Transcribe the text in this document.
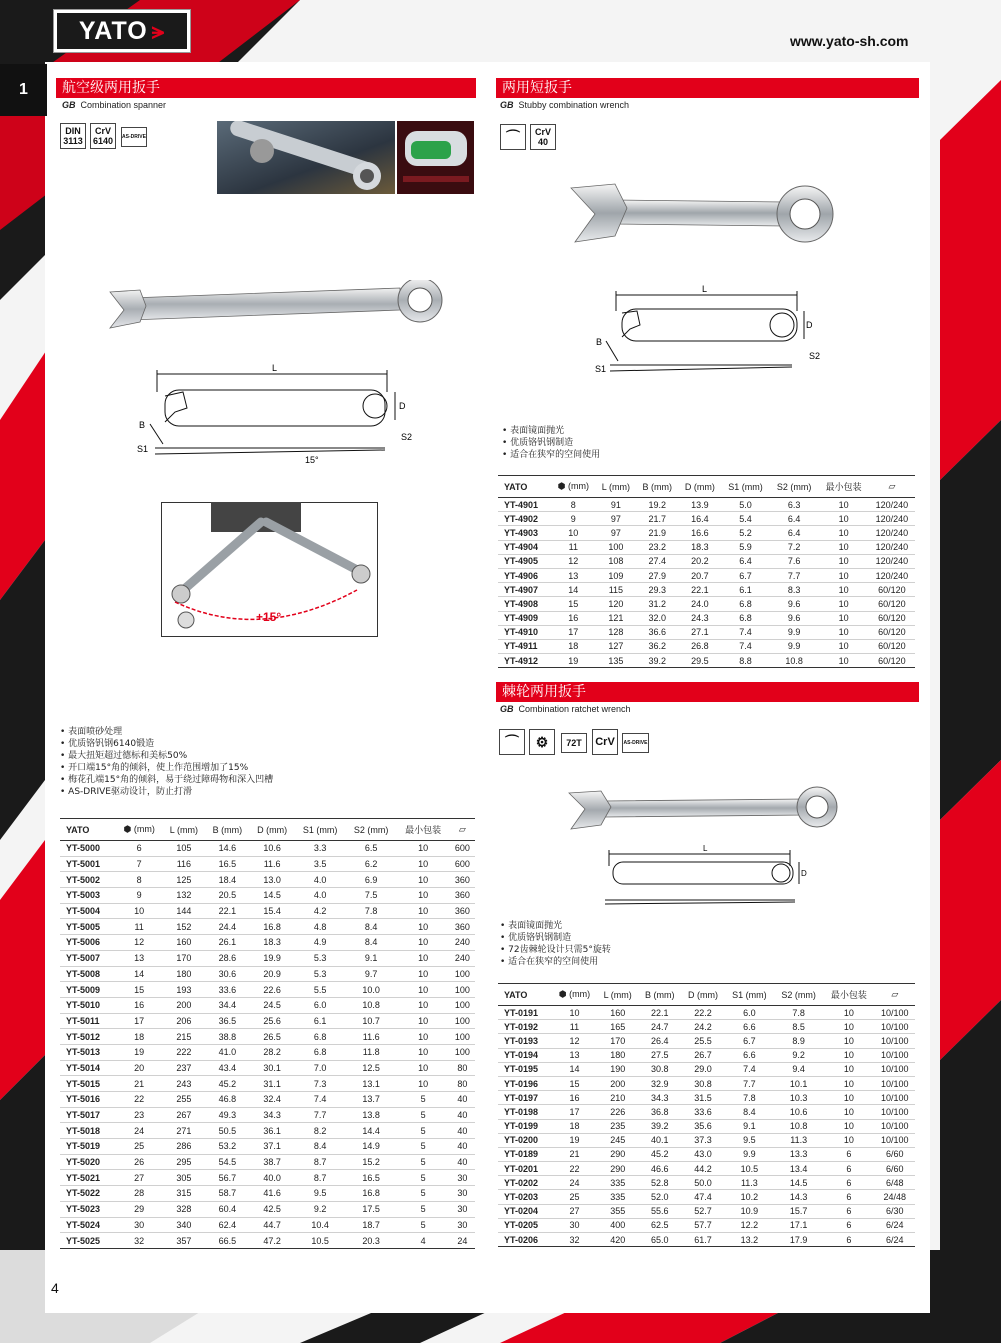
YATO ⪫	www.yato-sh.com
1
4
航空级两用扳手
GB Combination spanner
DIN
3113
CrV
6140 AS-DRIVE
L
D
B
S1
S2
15°
+15°
• 表面喷砂处理
• 优质铬钒钢6140锻造
• 最大扭矩超过德标和美标50%
• 开口端15°角的倾斜，使上作范围增加了15%
• 梅花孔端15°角的倾斜，易于绕过障碍物和深入凹槽
• AS-DRIVE驱动设计，防止打滑
YATO	⬢ (mm)	L (mm)	B (mm)	D (mm)	S1 (mm)	S2 (mm)	最小包装	▱
YT-5000	6	105	14.6	10.6	3.3	6.5	10	600
YT-5001	7	116	16.5	11.6	3.5	6.2	10	600
YT-5002	8	125	18.4	13.0	4.0	6.9	10	360
YT-5003	9	132	20.5	14.5	4.0	7.5	10	360
YT-5004	10	144	22.1	15.4	4.2	7.8	10	360
YT-5005	11	152	24.4	16.8	4.8	8.4	10	360
YT-5006	12	160	26.1	18.3	4.9	8.4	10	240
YT-5007	13	170	28.6	19.9	5.3	9.1	10	240
YT-5008	14	180	30.6	20.9	5.3	9.7	10	100
YT-5009	15	193	33.6	22.6	5.5	10.0	10	100
YT-5010	16	200	34.4	24.5	6.0	10.8	10	100
YT-5011	17	206	36.5	25.6	6.1	10.7	10	100
YT-5012	18	215	38.8	26.5	6.8	11.6	10	100
YT-5013	19	222	41.0	28.2	6.8	11.8	10	100
YT-5014	20	237	43.4	30.1	7.0	12.5	10	80
YT-5015	21	243	45.2	31.1	7.3	13.1	10	80
YT-5016	22	255	46.8	32.4	7.4	13.7	5	40
YT-5017	23	267	49.3	34.3	7.7	13.8	5	40
YT-5018	24	271	50.5	36.1	8.2	14.4	5	40
YT-5019	25	286	53.2	37.1	8.4	14.9	5	40
YT-5020	26	295	54.5	38.7	8.7	15.2	5	40
YT-5021	27	305	56.7	40.0	8.7	16.5	5	30
YT-5022	28	315	58.7	41.6	9.5	16.8	5	30
YT-5023	29	328	60.4	42.5	9.2	17.5	5	30
YT-5024	30	340	62.4	44.7	10.4	18.7	5	30
YT-5025	32	357	66.5	47.2	10.5	20.3	4	24
两用短扳手
GB Stubby combination wrench
⌒	CrV
40
L
D
B
S1
S2
• 表面镜面抛光
• 优质铬钒钢制造
• 适合在狭窄的空间使用
YATO	⬢ (mm)	L (mm)	B (mm)	D (mm)	S1 (mm)	S2 (mm)	最小包装	▱
YT-4901	8	91	19.2	13.9	5.0	6.3	10	120/240
YT-4902	9	97	21.7	16.4	5.4	6.4	10	120/240
YT-4903	10	97	21.9	16.6	5.2	6.4	10	120/240
YT-4904	11	100	23.2	18.3	5.9	7.2	10	120/240
YT-4905	12	108	27.4	20.2	6.4	7.6	10	120/240
YT-4906	13	109	27.9	20.7	6.7	7.7	10	120/240
YT-4907	14	115	29.3	22.1	6.1	8.3	10	60/120
YT-4908	15	120	31.2	24.0	6.8	9.6	10	60/120
YT-4909	16	121	32.0	24.3	6.8	9.6	10	60/120
YT-4910	17	128	36.6	27.1	7.4	9.9	10	60/120
YT-4911	18	127	36.2	26.8	7.4	9.9	10	60/120
YT-4912	19	135	39.2	29.5	8.8	10.8	10	60/120
棘轮两用扳手
GB Combination ratchet wrench
⌒	⚙	72T CrV AS-DRIVE
L
D
• 表面镜面抛光
• 优质铬钒钢制造
• 72齿棘轮设计只需5°旋转
• 适合在狭窄的空间使用
YATO	⬢ (mm)	L (mm)	B (mm)	D (mm)	S1 (mm)	S2 (mm)	最小包装	▱
YT-0191	10	160	22.1	22.2	6.0	7.8	10	10/100
YT-0192	11	165	24.7	24.2	6.6	8.5	10	10/100
YT-0193	12	170	26.4	25.5	6.7	8.9	10	10/100
YT-0194	13	180	27.5	26.7	6.6	9.2	10	10/100
YT-0195	14	190	30.8	29.0	7.4	9.4	10	10/100
YT-0196	15	200	32.9	30.8	7.7	10.1	10	10/100
YT-0197	16	210	34.3	31.5	7.8	10.3	10	10/100
YT-0198	17	226	36.8	33.6	8.4	10.6	10	10/100
YT-0199	18	235	39.2	35.6	9.1	10.8	10	10/100
YT-0200	19	245	40.1	37.3	9.5	11.3	10	10/100
YT-0189	21	290	45.2	43.0	9.9	13.3	6	6/60
YT-0201	22	290	46.6	44.2	10.5	13.4	6	6/60
YT-0202	24	335	52.8	50.0	11.3	14.5	6	6/48
YT-0203	25	335	52.0	47.4	10.2	14.3	6	24/48
YT-0204	27	355	55.6	52.7	10.9	15.7	6	6/30
YT-0205	30	400	62.5	57.7	12.2	17.1	6	6/24
YT-0206	32	420	65.0	61.7	13.2	17.9	6	6/24
